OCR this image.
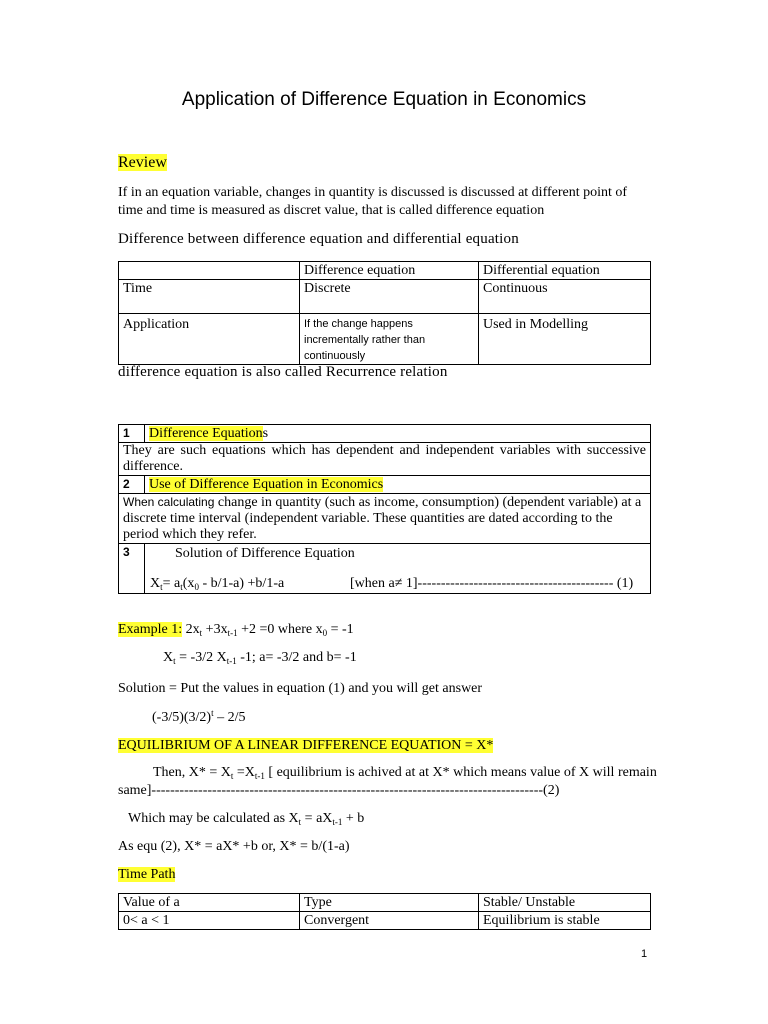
Application of Difference Equation in Economics
Review
If in an equation variable, changes in quantity is discussed is discussed at different point of
time and time is measured as discret value, that is called difference equation
Difference between difference equation and differential equation
	Difference equation	Differential equation
Time	Discrete	Continuous
Application	If the change happens incrementally rather than continuously	Used in Modelling
difference equation is also called Recurrence relation
1	Difference Equations
They are such equations which has dependent and independent variables with successive difference.	
2	Use of Difference Equation in Economics
When calculating change in quantity (such as income, consumption) (dependent variable) at a discrete time interval (independent variable. These quantities are dated according to the period which they refer.	
3	Solution of Difference Equation
$X_t= a_t(x_0 - b/1-a) +b/1-a$ [when a≠ 1]------------------------------------------ (1)
Example 1: $2x_t +3x_{t-1} +2 =0$ where $x_0 = -1$
$X_t = -3/2$ $X_{t-1}$ -1; a= -3/2 and b= -1
Solution = Put the values in equation (1) and you will get answer
$(-3/5)(3/2)^t - 2/5$
EQUILIBRIUM OF A LINEAR DIFFERENCE EQUATION = X*
Then, $X* = X_t =X_{t-1}$ [ equilibrium is achived at at X* which means value of X will remain
same]------------------------------------------------------------------------------------(2)
Which may be calculated as $X_t = aX_{t-1} + b$
As equ (2), X* = aX* +b or, X* = b/(1-a)
Time Path
Value of a	Type	Stable/ Unstable
0< a < 1	Convergent	Equilibrium is stable
1
